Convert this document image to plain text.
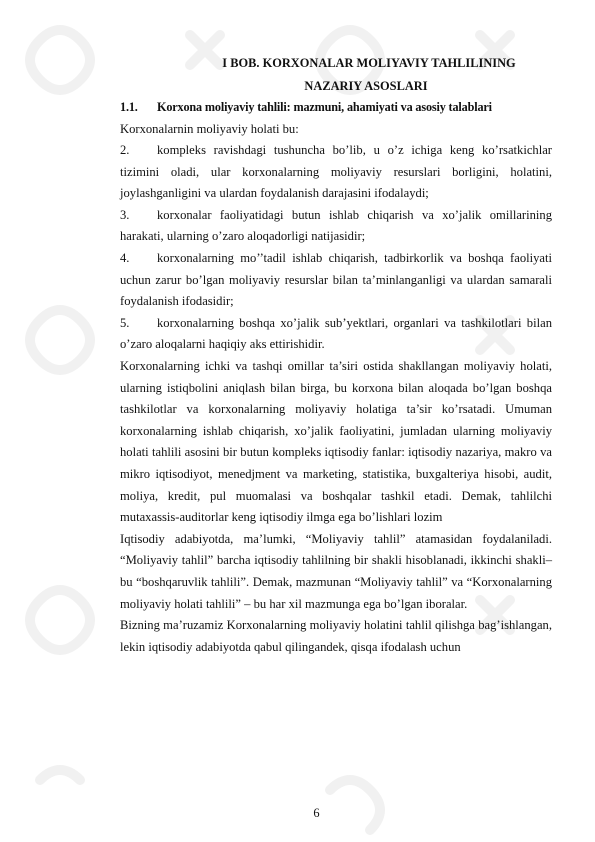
I BOB. KORXONALAR MOLIYAVIY TAHLILINING

NAZARIY ASOSLARI

1.1. Korxona moliyaviy tahlili: mazmuni, ahamiyati va asosiy talablari

Korxonalarnin moliyaviy holati bu:

2. kompleks ravishdagi tushuncha bo’lib, u o’z ichiga keng ko’rsatkichlar tizimini oladi, ular korxonalarning moliyaviy resurslari borligini, holatini, joylashganligini va ulardan foydalanish darajasini ifodalaydi;

3. korxonalar faoliyatidagi butun ishlab chiqarish va xo’jalik omillarining harakati, ularning o’zaro aloqadorligi natijasidir;

4. korxonalarning mo’’tadil ishlab chiqarish, tadbirkorlik va boshqa faoliyati uchun zarur bo’lgan moliyaviy resurslar bilan ta’minlanganligi va ulardan samarali foydalanish ifodasidir;

5. korxonalarning boshqa xo’jalik sub’yektlari, organlari va tashkilotlari bilan o’zaro aloqalarni haqiqiy aks ettirishidir.

Korxonalarning ichki va tashqi omillar ta’siri ostida shakllangan moliyaviy holati, ularning istiqbolini aniqlash bilan birga, bu korxona bilan aloqada bo’lgan boshqa tashkilotlar va korxonalarning moliyaviy holatiga ta’sir ko’rsatadi. Umuman korxonalarning ishlab chiqarish, xo’jalik faoliyatini, jumladan ularning moliyaviy holati tahlili asosini bir butun kompleks iqtisodiy fanlar: iqtisodiy nazariya, makro va mikro iqtisodiyot, menedjment va marketing, statistika, buxgalteriya hisobi, audit, moliya, kredit, pul muomalasi va boshqalar tashkil etadi. Demak, tahlilchi mutaxassis-auditorlar keng iqtisodiy ilmga ega bo’lishlari lozim

Iqtisodiy adabiyotda, ma’lumki, “Moliyaviy tahlil” atamasidan foydalaniladi. “Moliyaviy tahlil” barcha iqtisodiy tahlilning bir shakli hisoblanadi, ikkinchi shakli– bu “boshqaruvlik tahlili”. Demak, mazmunan “Moliyaviy tahlil” va “Korxonalarning moliyaviy holati tahlili” – bu har xil mazmunga ega bo’lgan iboralar.

Bizning ma’ruzamiz Korxonalarning moliyaviy holatini tahlil qilishga bag’ishlangan, lekin iqtisodiy adabiyotda qabul qilingandek, qisqa ifodalash uchun

6
